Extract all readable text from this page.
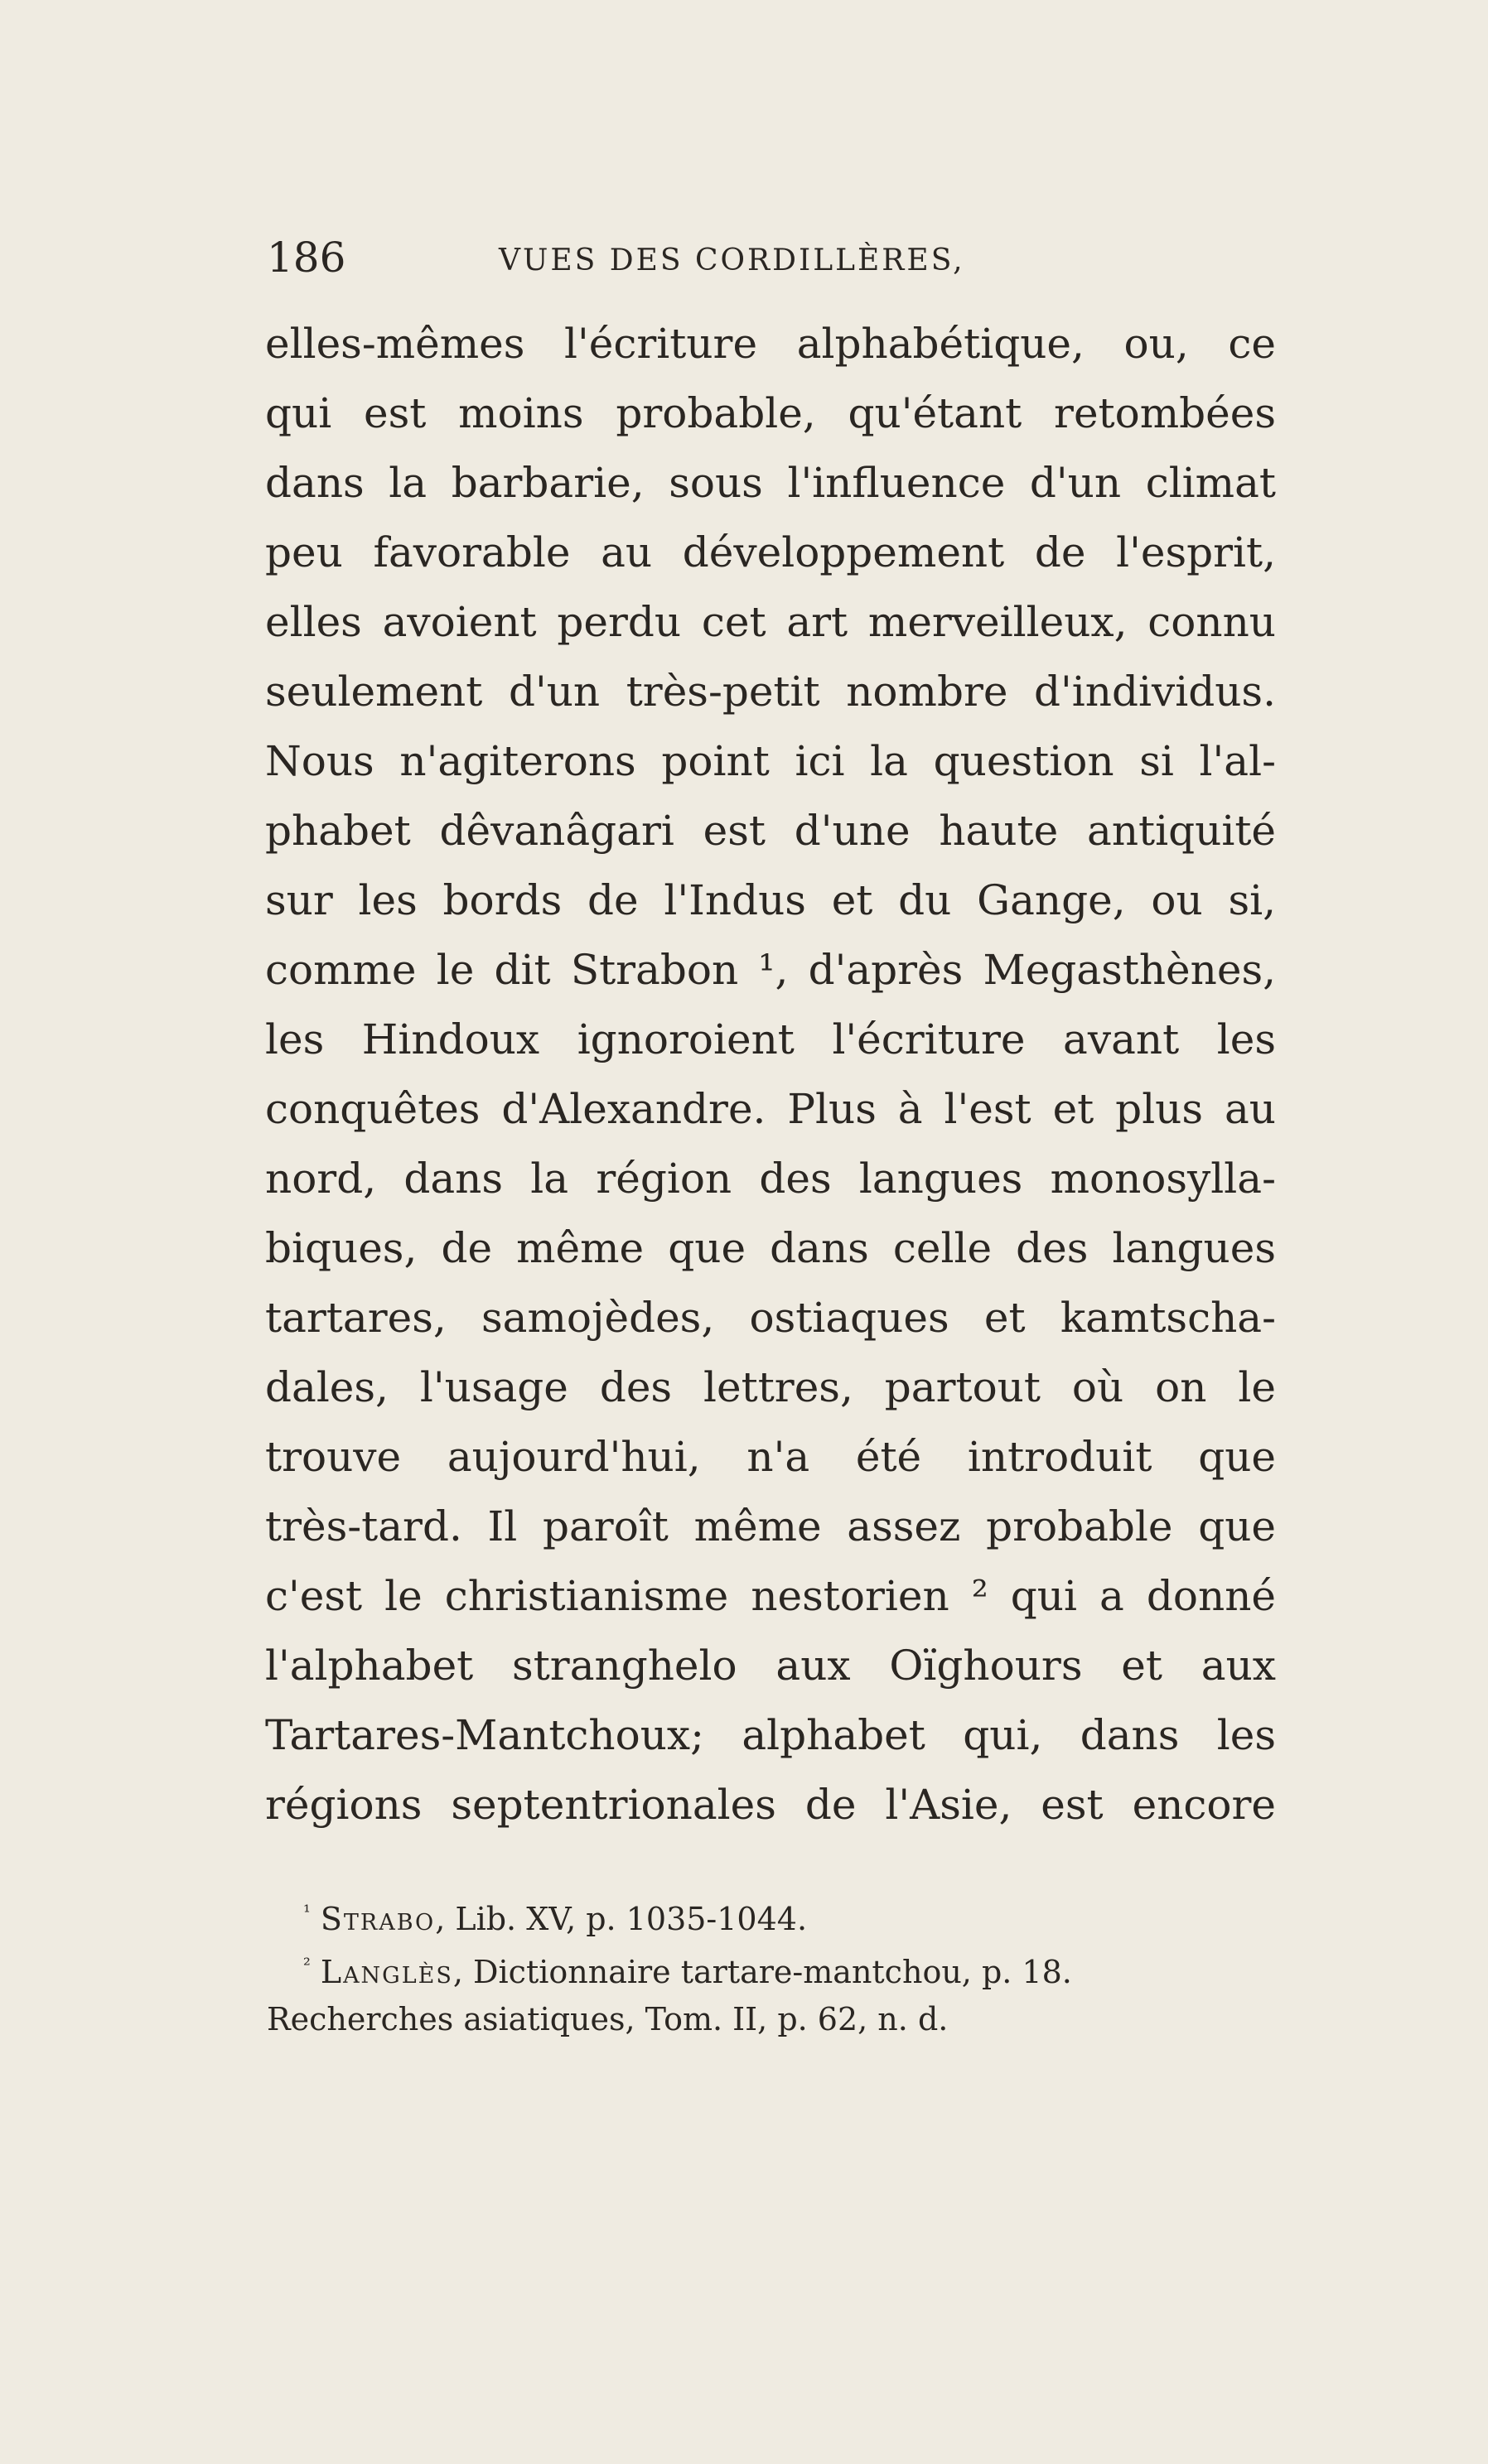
186	VUES DES CORDILLÈRES,
elles-mêmes l'écriture alphabétique, ou, ce
qui est moins probable, qu'étant retombées
dans la barbarie, sous l'influence d'un climat
peu favorable au développement de l'esprit,
elles avoient perdu cet art merveilleux, connu
seulement d'un très-petit nombre d'individus.
Nous n'agiterons point ici la question si l'al-
phabet dêvanâgari est d'une haute antiquité
sur les bords de l'Indus et du Gange, ou si,
comme le dit Strabon ¹, d'après Megasthènes,
les Hindoux ignoroient l'écriture avant les
conquêtes d'Alexandre. Plus à l'est et plus au
nord, dans la région des langues monosylla-
biques, de même que dans celle des langues
tartares, samojèdes, ostiaques et kamtscha-
dales, l'usage des lettres, partout où on le
trouve aujourd'hui, n'a été introduit que
très-tard. Il paroît même assez probable que
c'est le christianisme nestorien ² qui a donné
l'alphabet stranghelo aux Oïghours et aux
Tartares-Mantchoux; alphabet qui, dans les
régions septentrionales de l'Asie, est encore
$^{^1}$ Strabo, Lib. XV, p. 1035-1044.
$^{^2}$ Langlès, Dictionnaire tartare-mantchou, p. 18.
Recherches asiatiques, Tom. II, p. 62, n. d.
